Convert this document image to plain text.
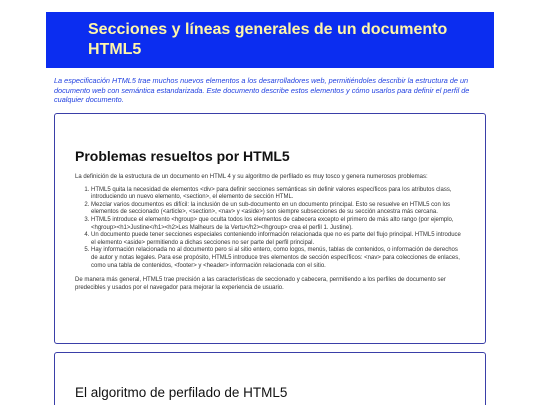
Secciones y líneas generales de un documento HTML5

La especificación HTML5 trae muchos nuevos elementos a los desarrolladores web, permitiéndoles describir la estructura de un documento web con semántica estandarizada. Este documento describe estos elementos y cómo usarlos para definir el perfil de cualquier documento.

Problemas resueltos por HTML5

La definición de la estructura de un documento en HTML 4 y su algoritmo de perfilado es muy tosco y genera numerosos problemas:

1. HTML5 quita la necesidad de elementos <div> para definir secciones semánticas sin definir valores específicos para los atributos class, introduciendo un nuevo elemento, <section>, el elemento de sección HTML.
2. Mezclar varios documentos es difícil: la inclusión de un sub-documento en un documento principal. Esto se resuelve en HTML5 con los elementos de seccionado (<article>, <section>, <nav> y <aside>) son siempre subsecciones de su sección ancestra más cercana.
3. HTML5 introduce el elemento <hgroup> que oculta todos los elementos de cabecera excepto el primero de más alto rango (por ejemplo, <hgroup><h1>Justine</h1><h2>Les Malheurs de la Vertu</h2></hgroup> crea el perfil 1. Justine).
4. Un documento puede tener secciones especiales conteniendo información relacionada que no es parte del flujo principal. HTML5 introduce el elemento <aside> permitiendo a dichas secciones no ser parte del perfil principal.
5. Hay información relacionada no al documento pero si al sitio entero, como logos, menús, tablas de contenidos, o información de derechos de autor y notas legales. Para ese propósito, HTML5 introduce tres elementos de sección específicos: <nav> para colecciones de enlaces, como una tabla de contenidos, <footer> y <header> información relacionada con el sitio.

De manera más general, HTML5 trae precisión a las características de seccionado y cabecera, permitiendo a los perfiles de documento ser predecibles y usados por el navegador para mejorar la experiencia de usuario.

El algoritmo de perfilado de HTML5
